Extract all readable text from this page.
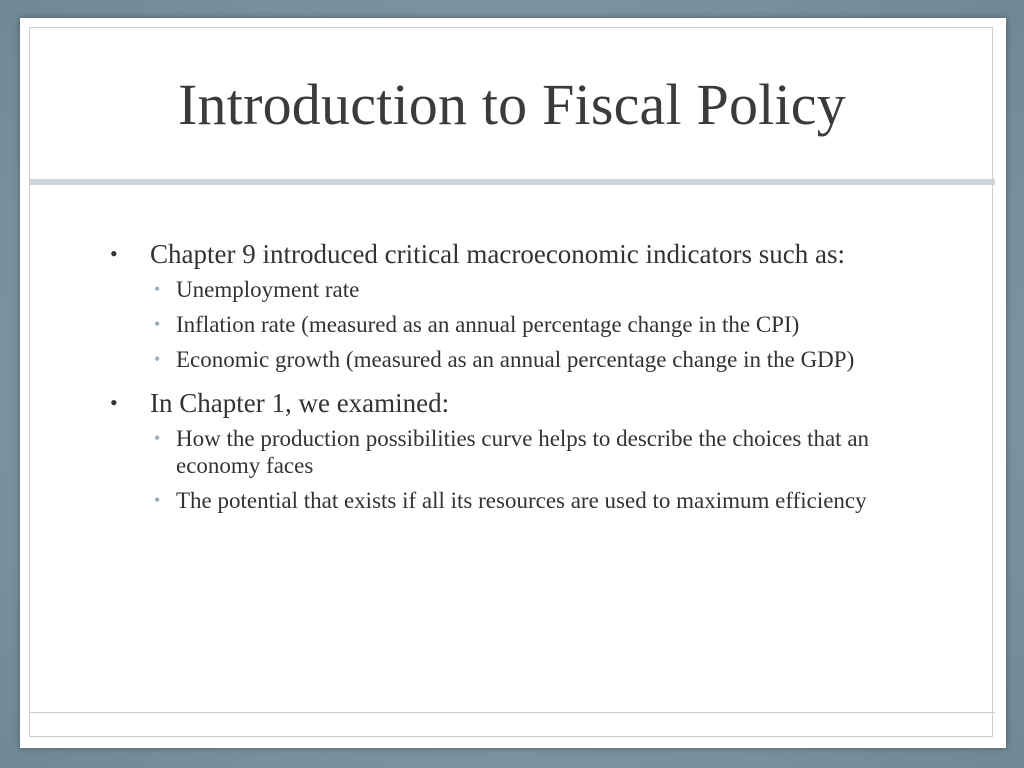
Introduction to Fiscal Policy
• Chapter 9 introduced critical macroeconomic indicators such as:
• Unemployment rate
• Inflation rate (measured as an annual percentage change in the CPI)
• Economic growth (measured as an annual percentage change in the GDP)
• In Chapter 1, we examined:
• How the production possibilities curve helps to describe the choices that an economy faces
• The potential that exists if all its resources are used to maximum efficiency
